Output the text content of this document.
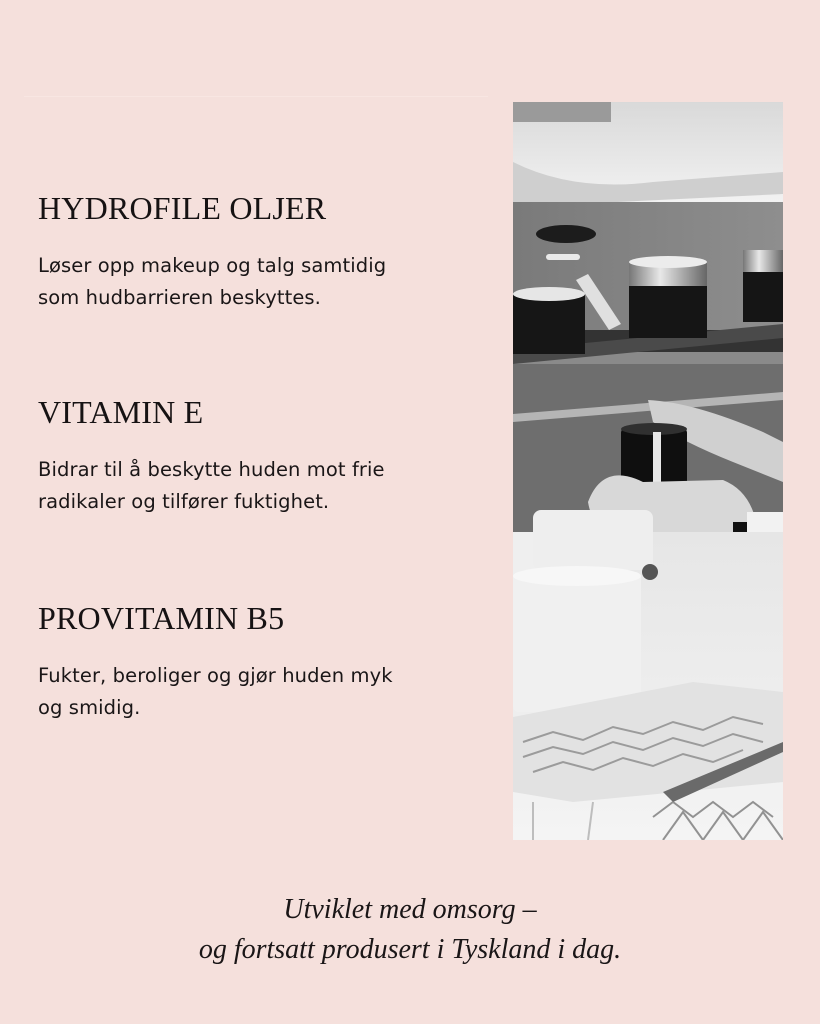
HYDROFILE OLJER

Løser opp makeup og talg samtidig
som hudbarrieren beskyttes.

VITAMIN E

Bidrar til å beskytte huden mot frie
radikaler og tilfører fuktighet.

PROVITAMIN B5

Fukter, beroliger og gjør huden myk
og smidig.

Utviklet med omsorg –
og fortsatt produsert i Tyskland i dag.
